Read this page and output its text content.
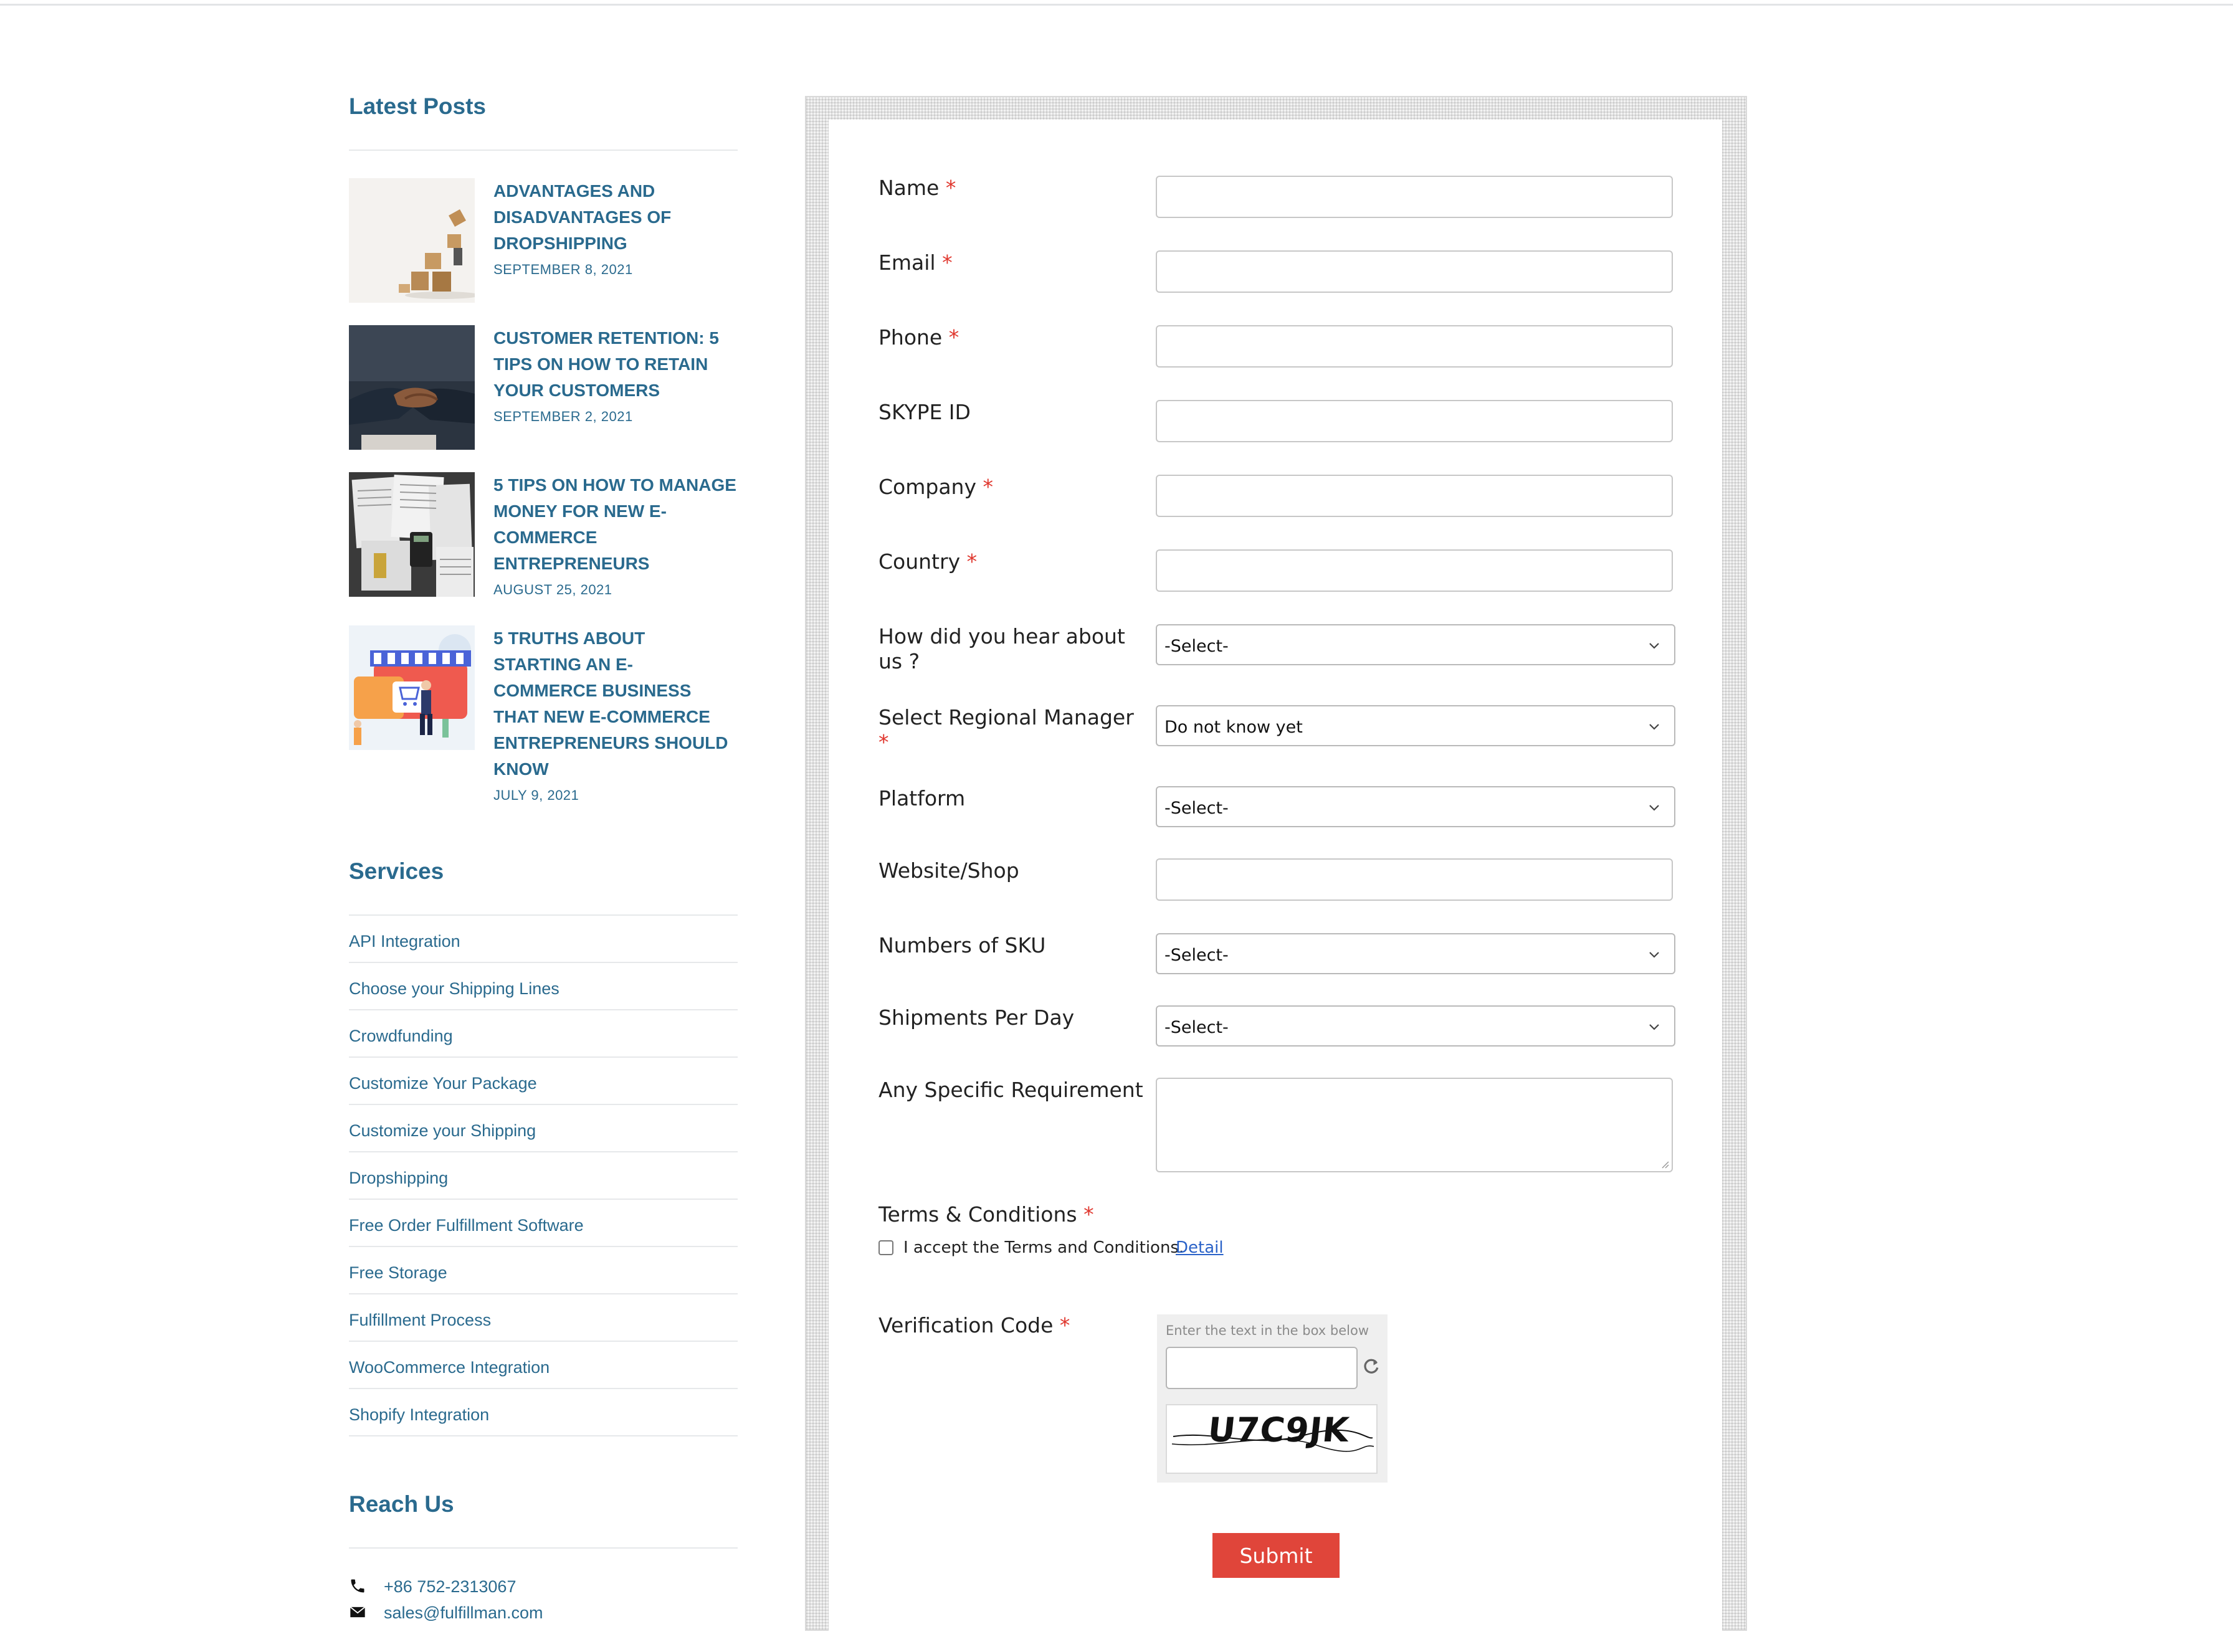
Latest Posts
ADVANTAGES AND
DISADVANTAGES OF
DROPSHIPPING
SEPTEMBER 8, 2021
CUSTOMER RETENTION: 5
TIPS ON HOW TO RETAIN
YOUR CUSTOMERS
SEPTEMBER 2, 2021
5 TIPS ON HOW TO MANAGE
MONEY FOR NEW E-
COMMERCE
ENTREPRENEURS
AUGUST 25, 2021
5 TRUTHS ABOUT
STARTING AN E-
COMMERCE BUSINESS
THAT NEW E-COMMERCE
ENTREPRENEURS SHOULD
KNOW
JULY 9, 2021
Services
API Integration
Choose your Shipping Lines
Crowdfunding
Customize Your Package
Customize your Shipping
Dropshipping
Free Order Fulfillment Software
Free Storage
Fulfillment Process
WooCommerce Integration
Shopify Integration
Reach Us
+86 752-2313067
sales@fulfillman.com
Name *
Email *
Phone *
SKYPE ID
Company *
Country *
How did you hear about
us ?
Select Regional Manager
*
Platform
Website/Shop
Numbers of SKU
Shipments Per Day
Any Specific Requirement
Terms & Conditions *
Verification Code *
-Select-
Do not know yet
-Select-
-Select-
-Select-
I accept the Terms and Conditions.
Detail
Enter the text in the box below
U7C9JK
Submit
